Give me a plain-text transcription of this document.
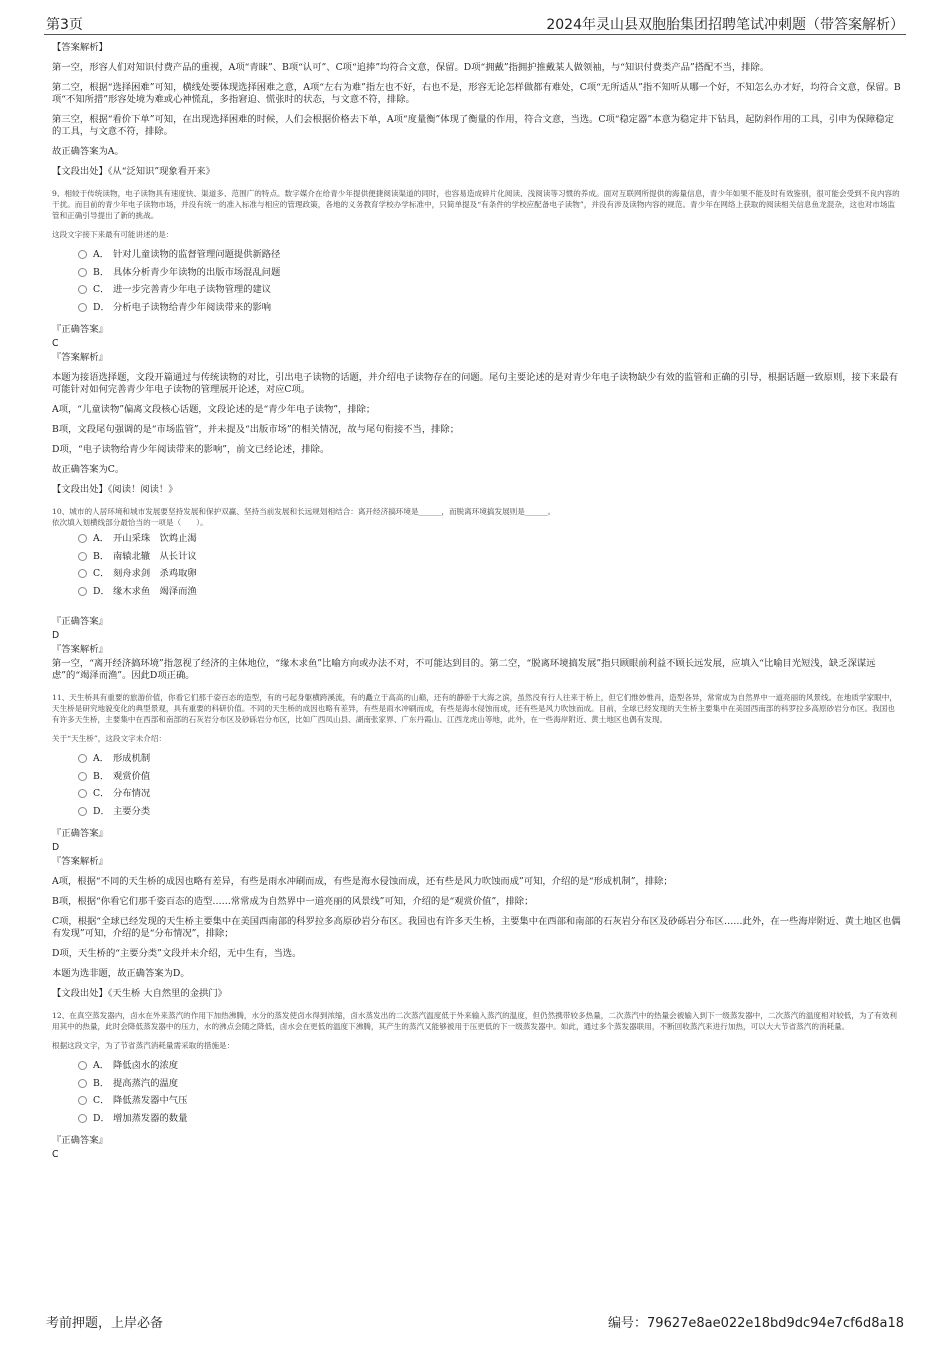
第3页	2024年灵山县双胞胎集团招聘笔试冲刺题（带答案解析）

【答案解析】

第一空，形容人们对知识付费产品的重视，A项“青睐”、B项“认可”、C项“追捧”均符合文意，保留。D项“拥戴”指拥护推戴某人做领袖，与“知识付费类产品”搭配不当，排除。

第二空，根据“选择困难”可知，横线处要体现选择困难之意，A项“左右为难”指左也不好，右也不是，形容无论怎样做都有难处，C项“无所适从”指不知听从哪一个好，不知怎么办才好，均符合文意，保留。B项“不知所措”形容处境为难或心神慌乱，多指窘迫、慌张时的状态，与文意不符，排除。

第三空，根据“看价下单”可知，在出现选择困难的时候，人们会根据价格去下单，A项“度量衡”体现了衡量的作用，符合文意，当选。C项“稳定器”本意为稳定井下钻具，起防斜作用的工具，引申为保障稳定的工具，与文意不符，排除。

故正确答案为A。

【文段出处】《从“泛知识”现象看开来》

9、相较于传统读物，电子读物具有速度快、渠道多、范围广的特点。数字媒介在给青少年提供便捷阅读渠道的同时，也容易造成碎片化阅读、浅阅读等习惯的养成。面对互联网所提供的海量信息，青少年如果不能及时有效鉴别，很可能会受到不良内容的干扰。而目前的青少年电子读物市场，并没有统一的准入标准与相应的管理政策，各地的义务教育学校办学标准中，只简单提及“有条件的学校应配备电子读物”，并没有涉及读物内容的规范。青少年在网络上获取的阅读相关信息鱼龙混杂，这也对市场监管和正确引导提出了新的挑战。

这段文字接下来最有可能讲述的是：

A． 针对儿童读物的监督管理问题提供新路径
B． 具体分析青少年读物的出版市场混乱问题
C． 进一步完善青少年电子读物管理的建议
D． 分析电子读物给青少年阅读带来的影响

『正确答案』

C

『答案解析』

本题为接语选择题，文段开篇通过与传统读物的对比，引出电子读物的话题，并介绍电子读物存在的问题。尾句主要论述的是对青少年电子读物缺少有效的监管和正确的引导，根据话题一致原则，接下来最有可能针对如何完善青少年电子读物的管理展开论述，对应C项。

A项，“儿童读物”偏离文段核心话题，文段论述的是“青少年电子读物”，排除；

B项，文段尾句强调的是“市场监管”，并未提及“出版市场”的相关情况，故与尾句衔接不当，排除；

D项，“电子读物给青少年阅读带来的影响”，前文已经论述，排除。

故正确答案为C。

【文段出处】《阅读！阅读！》

10、城市的人居环境和城市发展要坚持发展和保护双赢、坚持当前发展和长远规划相结合：离开经济搞环境是______，而脱离环境搞发展则是______。

依次填入划横线部分最恰当的一项是（　　）。

A． 开山采珠　饮鸩止渴
B． 南辕北辙　从长计议
C． 刻舟求剑　杀鸡取卵
D． 缘木求鱼　竭泽而渔

『正确答案』

D

『答案解析』

第一空，“离开经济搞环境”指忽视了经济的主体地位，“缘木求鱼”比喻方向或办法不对，不可能达到目的。第二空，“脱离环境搞发展”指只顾眼前利益不顾长远发展，应填入“比喻目光短浅，缺乏深谋远虑”的“竭泽而渔”。因此D项正确。

11、天生桥具有重要的旅游价值，你看它们那千姿百态的造型，有的弓起身躯横跨溪流，有的矗立于高高的山巅，还有的静卧于大海之滨，虽然没有行人往来于桥上，但它们惟妙惟肖，造型各异，常常成为自然界中一道亮丽的风景线。在地质学家眼中，天生桥是研究地貌变化的典型景观，具有重要的科研价值。不同的天生桥的成因也略有差异，有些是雨水冲刷而成，有些是海水侵蚀而成，还有些是风力吹蚀而成。目前，全球已经发现的天生桥主要集中在美国西南部的科罗拉多高原砂岩分布区。我国也有许多天生桥，主要集中在西部和南部的石灰岩分布区及砂砾岩分布区，比如广西凤山县、湖南张家界、广东丹霞山、江西龙虎山等地，此外，在一些海岸附近、黄土地区也偶有发现。

关于“天生桥”，这段文字未介绍：

A． 形成机制
B． 观赏价值
C． 分布情况
D． 主要分类

『正确答案』

D

『答案解析』

A项，根据“不同的天生桥的成因也略有差异，有些是雨水冲刷而成，有些是海水侵蚀而成，还有些是风力吹蚀而成”可知，介绍的是“形成机制”，排除；

B项，根据“你看它们那千姿百态的造型……常常成为自然界中一道亮丽的风景线”可知，介绍的是“观赏价值”，排除；

C项，根据“全球已经发现的天生桥主要集中在美国西南部的科罗拉多高原砂岩分布区。我国也有许多天生桥，主要集中在西部和南部的石灰岩分布区及砂砾岩分布区……此外，在一些海岸附近、黄土地区也偶有发现”可知，介绍的是“分布情况”，排除；

D项，天生桥的“主要分类”文段并未介绍，无中生有，当选。

本题为选非题，故正确答案为D。

【文段出处】《天生桥 大自然里的金拱门》

12、在真空蒸发器内，卤水在外来蒸汽的作用下加热沸腾，水分的蒸发使卤水得到浓缩，卤水蒸发出的二次蒸汽温度低于外来输入蒸汽的温度，但仍然携带较多热量，二次蒸汽中的热量会被输入到下一级蒸发器中，二次蒸汽的温度相对较低，为了有效利用其中的热量，此时会降低蒸发器中的压力，水的沸点会随之降低，卤水会在更低的温度下沸腾，其产生的蒸汽又能够被用于压更低的下一级蒸发器中。如此，通过多个蒸发器联用，不断回收蒸汽来进行加热，可以大大节省蒸汽的消耗量。

根据这段文字，为了节省蒸汽消耗量需采取的措施是：

A． 降低卤水的浓度
B． 提高蒸汽的温度
C． 降低蒸发器中气压
D． 增加蒸发器的数量

『正确答案』

C

考前押题，上岸必备	编号：79627e8ae022e18bd9dc94e7cf6d8a18
